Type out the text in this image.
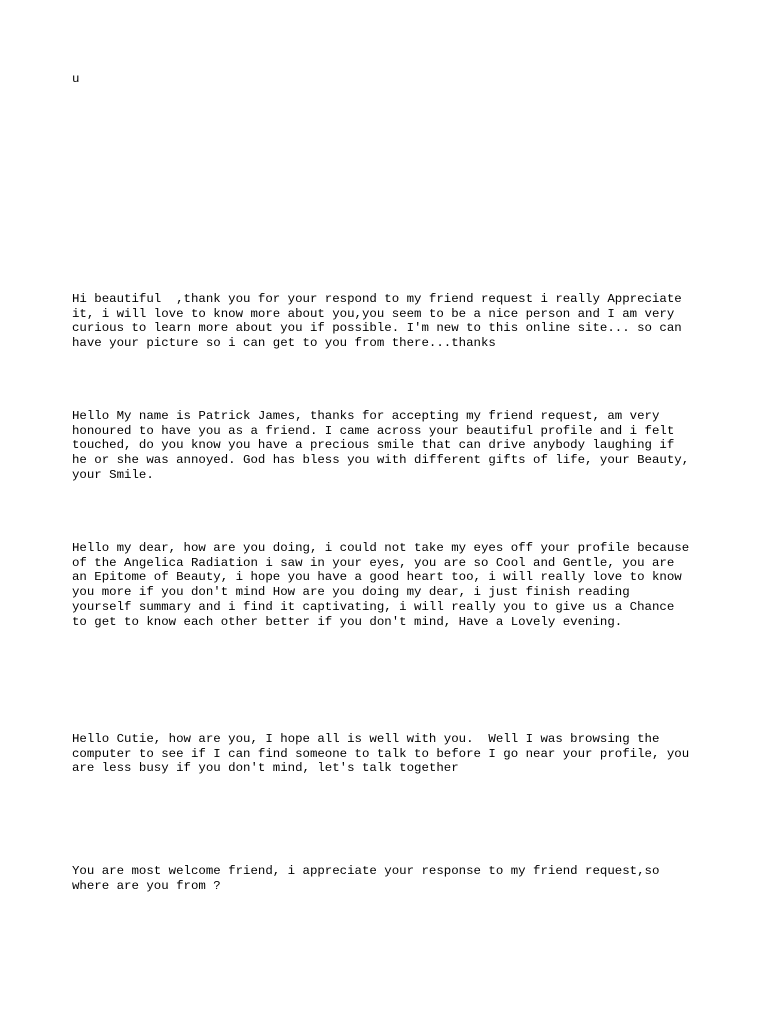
u

Hi beautiful  ,thank you for your respond to my friend request i really Appreciate
it, i will love to know more about you,you seem to be a nice person and I am very
curious to learn more about you if possible. I'm new to this online site... so can
have your picture so i can get to you from there...thanks

Hello My name is Patrick James, thanks for accepting my friend request, am very
honoured to have you as a friend. I came across your beautiful profile and i felt
touched, do you know you have a precious smile that can drive anybody laughing if
he or she was annoyed. God has bless you with different gifts of life, your Beauty,
your Smile.

Hello my dear, how are you doing, i could not take my eyes off your profile because
of the Angelica Radiation i saw in your eyes, you are so Cool and Gentle, you are
an Epitome of Beauty, i hope you have a good heart too, i will really love to know
you more if you don't mind How are you doing my dear, i just finish reading
yourself summary and i find it captivating, i will really you to give us a Chance
to get to know each other better if you don't mind, Have a Lovely evening.

Hello Cutie, how are you, I hope all is well with you.  Well I was browsing the
computer to see if I can find someone to talk to before I go near your profile, you
are less busy if you don't mind, let's talk together

You are most welcome friend, i appreciate your response to my friend request,so
where are you from ?
